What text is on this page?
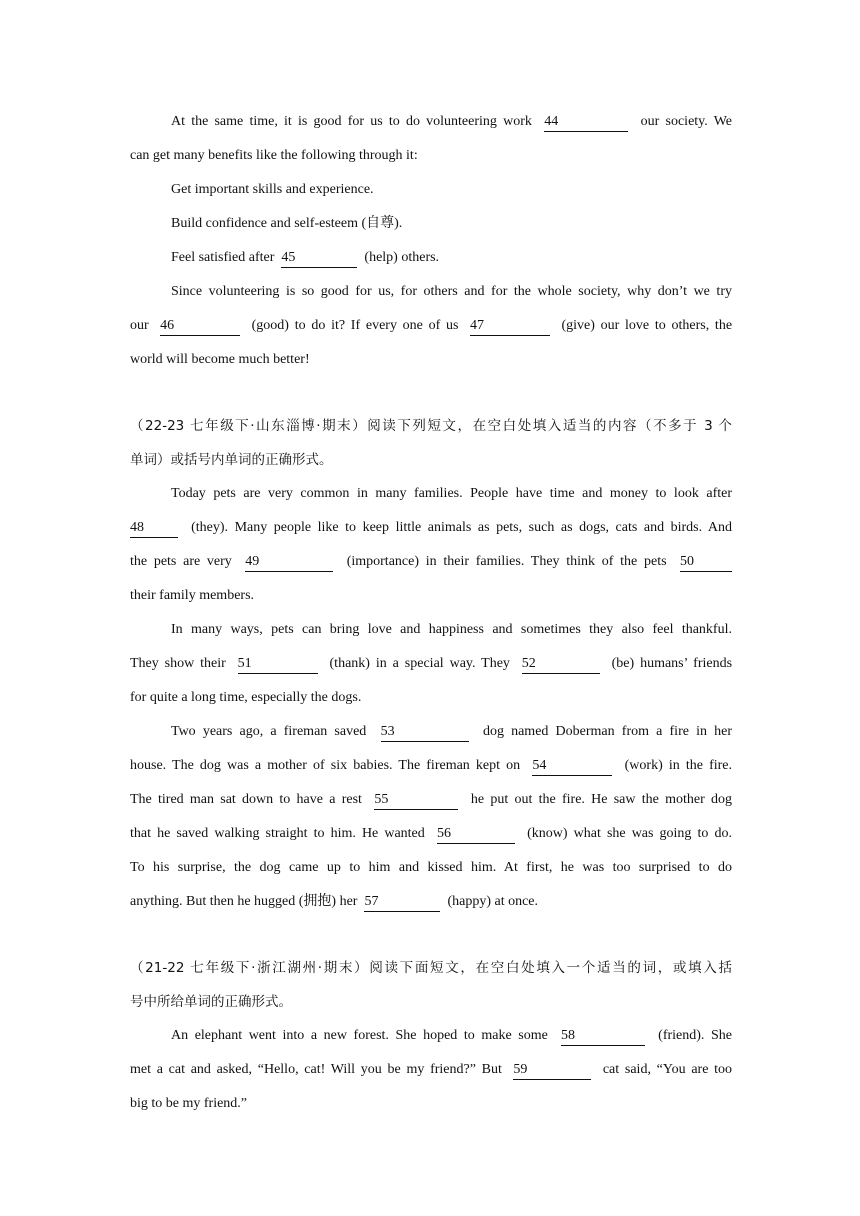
At the same time, it is good for us to do volunteering work 44	our society. We
can get many benefits like the following through it:
Get important skills and experience.
Build confidence and self-esteem (自尊).
Feel satisfied after 45	(help) others.
Since volunteering is so good for us, for others and for the whole society, why don’t we try
our 46	(good) to do it? If every one of us 47	(give) our love to others, the
world will become much better!
（22-23 七年级下·山东淄博·期末）阅读下列短文，在空白处填入适当的内容（不多于 3 个
单词）或括号内单词的正确形式。
Today pets are very common in many families. People have time and money to look after
48	(they). Many people like to keep little animals as pets, such as dogs, cats and birds. And
the pets are very 49	(importance) in their families. They think of the pets 50
their family members.
In many ways, pets can bring love and happiness and sometimes they also feel thankful.
They show their 51	(thank) in a special way. They 52	(be) humans’ friends
for quite a long time, especially the dogs.
Two years ago, a fireman saved 53	dog named Doberman from a fire in her
house. The dog was a mother of six babies. The fireman kept on 54	(work) in the fire.
The tired man sat down to have a rest 55	he put out the fire. He saw the mother dog
that he saved walking straight to him. He wanted 56	(know) what she was going to do.
To his surprise, the dog came up to him and kissed him. At first, he was too surprised to do
anything. But then he hugged (拥抱) her 57	(happy) at once.
（21-22 七年级下·浙江湖州·期末）阅读下面短文，在空白处填入一个适当的词，或填入括
号中所给单词的正确形式。
An elephant went into a new forest. She hoped to make some 58	(friend). She
met a cat and asked, “Hello, cat! Will you be my friend?” But 59	cat said, “You are too
big to be my friend.”
